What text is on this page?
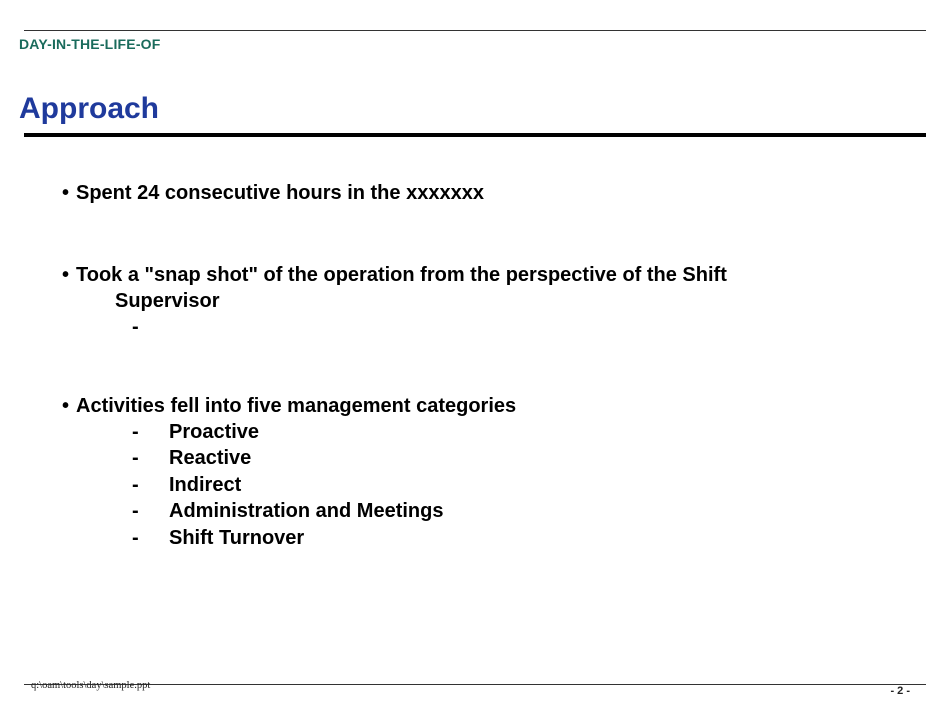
DAY-IN-THE-LIFE-OF
Approach
• Spent 24 consecutive hours in the xxxxxxx
• Took a "snap shot" of the operation from the perspective of the Shift
Supervisor
-
• Activities fell into five management categories
- Proactive
- Reactive
- Indirect
- Administration and Meetings
- Shift Turnover
q:\oam\tools\day\sample.ppt	- 2 -
